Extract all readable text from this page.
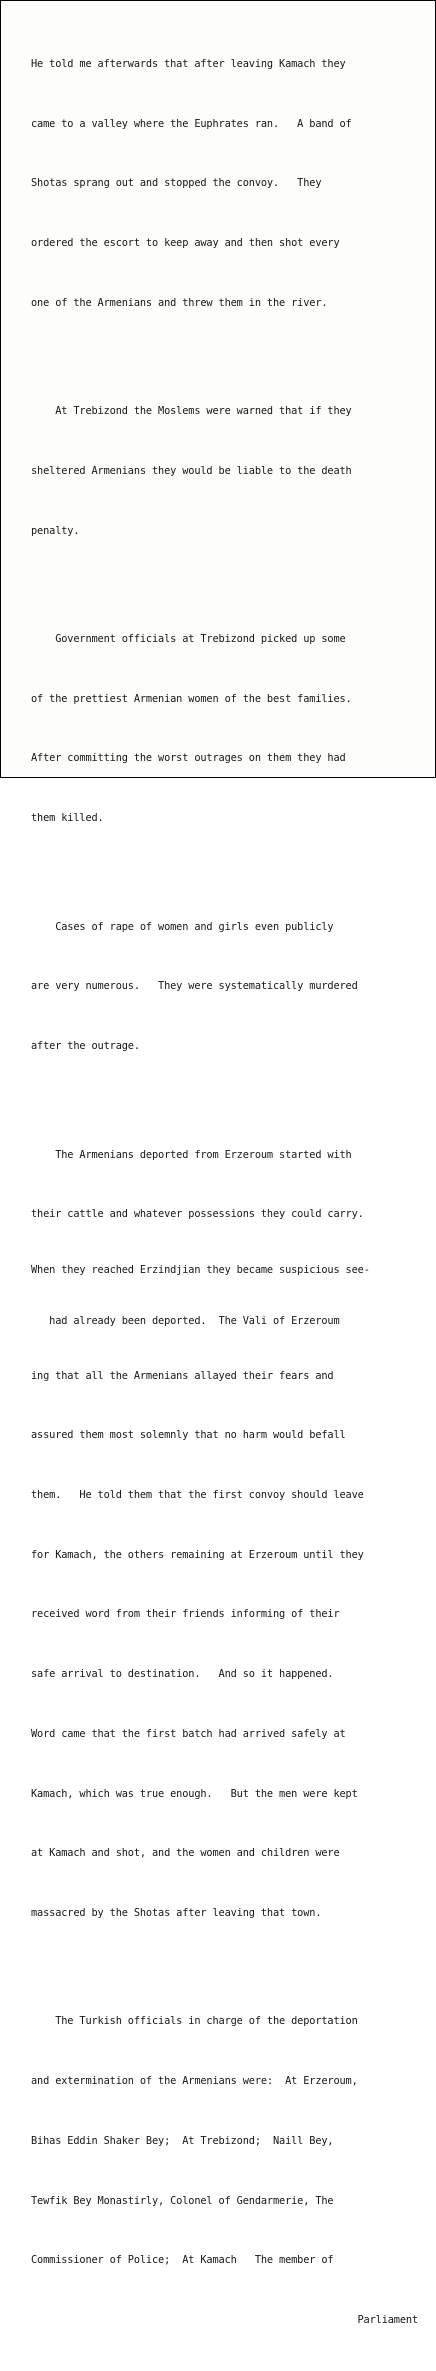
He told me afterwards that after leaving Kamach they

came to a valley where the Euphrates ran.   A band of

Shotas sprang out and stopped the convoy.   They

ordered the escort to keep away and then shot every

one of the Armenians and threw them in the river.

At Trebizond the Moslems were warned that if they

sheltered Armenians they would be liable to the death

penalty.

Government officials at Trebizond picked up some

of the prettiest Armenian women of the best families.

After committing the worst outrages on them they had

them killed.

Cases of rape of women and girls even publicly

are very numerous.   They were systematically murdered

after the outrage.

The Armenians deported from Erzeroum started with

their cattle and whatever possessions they could carry.

When they reached Erzindjian they became suspicious see-

had already been deported.  The Vali of Erzeroum

ing that all the Armenians allayed their fears and

assured them most solemnly that no harm would befall

them.   He told them that the first convoy should leave

for Kamach, the others remaining at Erzeroum until they

received word from their friends informing of their

safe arrival to destination.   And so it happened.

Word came that the first batch had arrived safely at

Kamach, which was true enough.   But the men were kept

at Kamach and shot, and the women and children were

massacred by the Shotas after leaving that town.

The Turkish officials in charge of the deportation

and extermination of the Armenians were:  At Erzeroum,

Bihas Eddin Shaker Bey;  At Trebizond;  Naill Bey,

Tewfik Bey Monastirly, Colonel of Gendarmerie, The

Commissioner of Police;  At Kamach   The member of

Parliament
